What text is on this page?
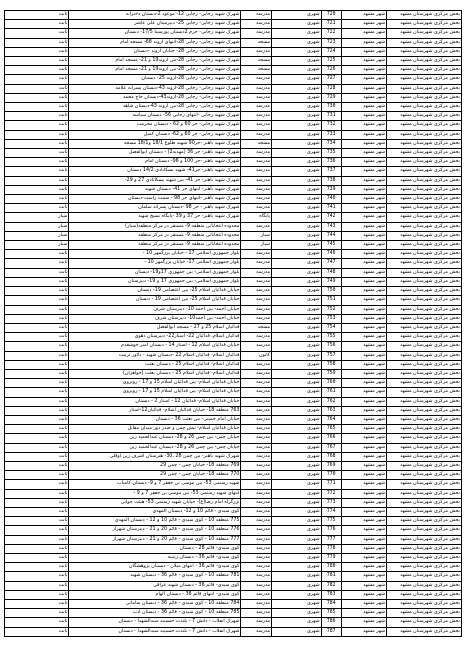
بخش مرکزی شهرستان مشهد	شهر مشهد	720	شهری	مدرسه	شهرک شهید رجایی- رجایی 12- موعود 2-دبستان دختزانه	ثابت
بخش مرکزی شهرستان مشهد	شهر مشهد	721	شهری	مدرسه	شهرک شهید رجایی- رجایی 25- دبیرستان علی عاشر	ثابت
بخش مرکزی شهرستان مشهد	شهر مشهد	722	شهری	مدرسه	شهرک شهید رجایی- حرم 2دبستان پورسینا 17/5- دبستان	ثابت
بخش مرکزی شهرستان مشهد	شهر مشهد	723	شهری	مسجد	شهرک شهید رجایی- رجایی 28-انتهای اروند 68- مسجد امام	ثابت
بخش مرکزی شهرستان مشهد	شهر مشهد	724	شهری	مدرسه	شهرک شهید رجایی- رجایی 28- خیابان اروند -دبستان	ثابت
بخش مرکزی شهرستان مشهد	شهر مشهد	725	شهری	مسجد	شهرک شهید رجایی- رجایی 28-بین اروند19 و 21- مسجد امام	ثابت
بخش مرکزی شهرستان مشهد	شهر مشهد	726	شهری	مسجد	شهرک شهید رجایی- رجایی 28-بین اروند19 و 21- مسجد امام	ثابت
بخش مرکزی شهرستان مشهد	شهر مشهد	727	شهری	مدرسه	شهرک شهید رجایی- رجایی 28-اروند 25- دبستان	ثابت
بخش مرکزی شهرستان مشهد	شهر مشهد	728	شهری	مدرسه	شهرک شهید رجایی- رجایی 28-اروند 43-دبستان پسرانه علامه	ثابت
بخش مرکزی شهرستان مشهد	شهر مشهد	729	شهری	مدرسه	شهرک شهید رجایی- رجایی 28-اروند43-دبستان حاج محمد	ثابت
بخش مرکزی شهرستان مشهد	شهر مشهد	730	شهری	مدرسه	شهرک شهید رجایی- رجایی 28-بین اروند 43-دبستان شاهد	ثابت
بخش مرکزی شهرستان مشهد	شهر مشهد	731	شهری	مدرسه	شهرک شهید رجایی -انتهای رجایی 56- دبستان سیاسه	ثابت
بخش مرکزی شهرستان مشهد	شهر مشهد	732	شهری	مدرسه	شهرک شهید رجایی- حر 60 و 62 - دبستان محرمت	ثابت
بخش مرکزی شهرستان مشهد	شهر مشهد	733	شهری	مدرسه	شهرک شهید رجایی- حر 60 و 62- دبستان کمیل	ثابت
بخش مرکزی شهرستان مشهد	شهر مشهد	734	شهری	مسجد	شهرک شهید باهنر -حر90 شهید طلوع 18/1 و18/1 مسجد	ثابت
بخش مرکزی شهرستان مشهد	شهر مشهد	735	شهری	مدرسه	شهرک شهید باهنر- حر 36 (مهدیه2) - دبستان ابوالفضل	ثابت
بخش مرکزی شهرستان مشهد	شهر مشهد	736	شهری	مدرسه	شهرک شهید باهنر -حر 100 و 96- دبستان امام	ثابت
بخش مرکزی شهرستان مشهد	شهر مشهد	737	شهری	مدرسه	شهرک شهید باهنر- حر41- شهید بسکابادی 14/2 دبستان	ثابت
بخش مرکزی شهرستان مشهد	شهر مشهد	738	شهری	مدرسه	شهرک شهید باهنر- حر 41- بین شهید بسکابادی 27 و 29-	ثابت
بخش مرکزی شهرستان مشهد	شهر مشهد	739	شهری	مدرسه	شهرک شهید باهنر- انتهای حر 41- دبستان شهید	ثابت
بخش مرکزی شهرستان مشهد	شهر مشهد	740	شهری	مدرسه	شهرک شهید باهنر -انتهای حر 98 - سمت راست-دبستان	ثابت
بخش مرکزی شهرستان مشهد	شهر مشهد	741	شهری	مدرسه	شهرک شهید باهنر - حر 98 -دبستان پسرانه سلمان	ثابت
بخش مرکزی شهرستان مشهد	شهر مشهد	742	شهری	پایگاه	شهرک شهید باهنر- حر 37 و 39 -پایگاه بسیج شهید	سیار
بخش مرکزی شهرستان مشهد	شهر مشهد	743	شهری	مدرسه	محدوده انتخاباتی منطقه 9- مستقر در مرکز منطقه(سیار)	سیار
بخش مرکزی شهرستان مشهد	شهر مشهد	744	شهری	سیار	محدوده انتخاباتی منطقه 9- مستقر در مرکز منطقه	سیار
بخش مرکزی شهرستان مشهد	شهر مشهد	745	شهری	سیار	محدوده انتخاباتی منطقه 9- مستقر در مرکز منطقه	سیار
بخش مرکزی شهرستان مشهد	شهر مشهد	746	شهری	مدرسه	بلوار جمهوری اسلامی 17 - خیابان بزرگمهر 10 -	ثابت
بخش مرکزی شهرستان مشهد	شهر مشهد	747	شهری	مدرسه	بلوار جمهوری اسلامی 17- خیابان بزرگمهر 10 -	ثابت
بخش مرکزی شهرستان مشهد	شهر مشهد	748	شهری	مدرسه	بلوار جمهوری اسلامی- بین جمهوری 17و19- دبستان	ثابت
بخش مرکزی شهرستان مشهد	شهر مشهد	749	شهری	مدرسه	بلوار جمهوری اسلامی- بین جمهوری 17 و 19- دبیرستان	ثابت
بخش مرکزی شهرستان مشهد	شهر مشهد	750	شهری	مدرسه	خیابان فدائیان اسلام 25- بین اعتصامی 19- دبستان	ثابت
بخش مرکزی شهرستان مشهد	شهر مشهد	751	شهری	مدرسه	خیابان فدائیان اسلام 25- بین اعتصامی 19 - دبستان	ثابت
بخش مرکزی شهرستان مشهد	شهر مشهد	752	شهری	مدرسه	خیابان احمد- بین احمد 10- دبیرستان شرف	ثابت
بخش مرکزی شهرستان مشهد	شهر مشهد	753	شهری	مدرسه	خیابان احمد- بین احمد10- دبیرستان شرف	ثابت
بخش مرکزی شهرستان مشهد	شهر مشهد	754	شهری	مسجد	فدائیان اسلام 25 و 27 - مسجد ابوالفضل	ثابت
بخش مرکزی شهرستان مشهد	شهر مشهد	755	شهری	مدرسه	فدائیان اسلام، فدائیان 22- استار22- دبیرستان دهوی	ثابت
بخش مرکزی شهرستان مشهد	شهر مشهد	756	شهری	مدرسه	خیابان فدائیان اسلام 12 - استار 14 - دبستان امیر خوشقدم	ثابت
بخش مرکزی شهرستان مشهد	شهر مشهد	757	شهری	کانون	فدائیان اسلام- فدائیان اسلام 22 -دبستان شهید - دلاور تربیت	ثابت
بخش مرکزی شهرستان مشهد	شهر مشهد	758	شهری	مدرسه	فدائیان اسلام- فدائیان اسلام 25 - دبستان بعثت	ثابت
بخش مرکزی شهرستان مشهد	شهر مشهد	759	شهری	مدرسه	فدائیان اسلام- فدائیان اسلام 25 - دبستان بعثت (خواهران)	ثابت
بخش مرکزی شهرستان مشهد	شهر مشهد	760	شهری	مدرسه	خیابان فدائیان اسلام- بین فدائیان اسلام 15 و 17 - روبروی	ثابت
بخش مرکزی شهرستان مشهد	شهر مشهد	761	شهری	مدرسه	خیابان فدائیان اسلام- بین فدائیان اسلام 15 و 17 - روبروی	ثابت
بخش مرکزی شهرستان مشهد	شهر مشهد	762	شهری	مدرسه	خیابان فدائیان اسلام- فدائیان 12 - استار 2 - دبستان	ثابت
بخش مرکزی شهرستان مشهد	شهر مشهد	763	شهری	مدرسه	763 منطقه 18- خیابان فدائیان اسلام- فدائیان12-استار	ثابت
بخش مرکزی شهرستان مشهد	شهر مشهد	764	شهری	مدرسه	خیابان امام خمینی- بین بعثت 36 - دبستان	ثابت
بخش مرکزی شهرستان مشهد	شهر مشهد	765	شهری	مدرسه	خیابان فدائیان اسلام- نبش چمن و صدر دور میدان مقابل	ثابت
بخش مرکزی شهرستان مشهد	شهر مشهد	766	شهری	مدرسه	خیابان چمن- بین چمن 26 و 28- دبستان عبدالحمید زین	ثابت
بخش مرکزی شهرستان مشهد	شهر مشهد	767	شهری	مدرسه	خیابان چمن- بین چمن 26 و 28- دبستان عبدالحمید زین	ثابت
بخش مرکزی شهرستان مشهد	شهر مشهد	768	شهری	مدرسه	شهرک شهید باهنر- بین چمن 28 ،30- هنرستان اشرف زین اوقلی	ثابت
بخش مرکزی شهرستان مشهد	شهر مشهد	769	شهری	مدرسه	769 منطقه 18- خیابان چمن - چمن 29	ثابت
بخش مرکزی شهرستان مشهد	شهر مشهد	770	شهری	مدرسه	770 منطقه 18- خیابان چمن - چمن 29	ثابت
بخش مرکزی شهرستان مشهد	شهر مشهد	771	شهری	مدرسه	شهید رستمی 53- بین موسی بن جعفر 7 و 9- دبستان کامیاب	ثابت
بخش مرکزی شهرستان مشهد	شهر مشهد	772	شهری	مدرسه	انتهای شهید رستمی 53- بین موسی بن جعفر 7 و 9 -	ثابت
بخش مرکزی شهرستان مشهد	شهر مشهد	773	شهری	مدرسه	بزرگراه امام رضا(ع)- خیابان شهید رستمی 53- هیئت جوانی	ثابت
بخش مرکزی شهرستان مشهد	شهر مشهد	774	شهری	مدرسه	کوی سیدی - قائم 10 و 12- دبستان المهدی	ثابت
بخش مرکزی شهرستان مشهد	شهر مشهد	775	شهری	مدرسه	775 منطقه 10 - کوی سیدی - قائم 10 و 12 - دبستان المهدی	ثابت
بخش مرکزی شهرستان مشهد	شهر مشهد	776	شهری	مدرسه	776 منطقه 10 - کوی سیدی - قائم 20 و 21 - دبیرستان شهرآز	ثابت
بخش مرکزی شهرستان مشهد	شهر مشهد	777	شهری	مدرسه	777 منطقه 10 - کوی سیدی - قائم 20 و 21 - دبیرستان شهرآز	ثابت
بخش مرکزی شهرستان مشهد	شهر مشهد	778	شهری	مدرسه	کوی سیدی- قائم 28 - دبستان	ثابت
بخش مرکزی شهرستان مشهد	شهر مشهد	779	شهری	مدرسه	کوی سیدی- قائم 36 - دبستان زینبیه	ثابت
بخش مرکزی شهرستان مشهد	شهر مشهد	780	شهری	مدرسه	کوی سیدی- قائم 36 - انتهای میلان - دبستان پژوهشگان	ثابت
بخش مرکزی شهرستان مشهد	شهر مشهد	781	شهری	مدرسه	781 منطقه 10 - کوی سیدی - قائم 36 - دبستان شهید	ثابت
بخش مرکزی شهرستان مشهد	شهر مشهد	782	شهری	مدرسه	کوی سیدی- قائم 36 - دبستان شهید عراقی	ثابت
بخش مرکزی شهرستان مشهد	شهر مشهد	783	شهری	مدرسه	کوی سیدی- انتهای قائم 36 - دبستان الهام	ثابت
بخش مرکزی شهرستان مشهد	شهر مشهد	784	شهری	مدرسه	784 منطقه 10 - کوی سیدی - قائم 36 - دبستان سامانی	ثابت
بخش مرکزی شهرستان مشهد	شهر مشهد	785	شهری	مدرسه	785 منطقه 10 - کوی سیدی - قائم 36 - دبستان ادب	ثابت
بخش مرکزی شهرستان مشهد	شهر مشهد	786	شهری	مدرسه	شهرک انقلاب - دانش 7 - بلندت حسینیه سیدالشهدا - دبستان	ثابت
بخش مرکزی شهرستان مشهد	شهر مشهد	787	شهری	مدرسه	شهرک انقلاب - دانش 7 - بلندت حسینیه سیدالشهدا - دبستان	ثابت
